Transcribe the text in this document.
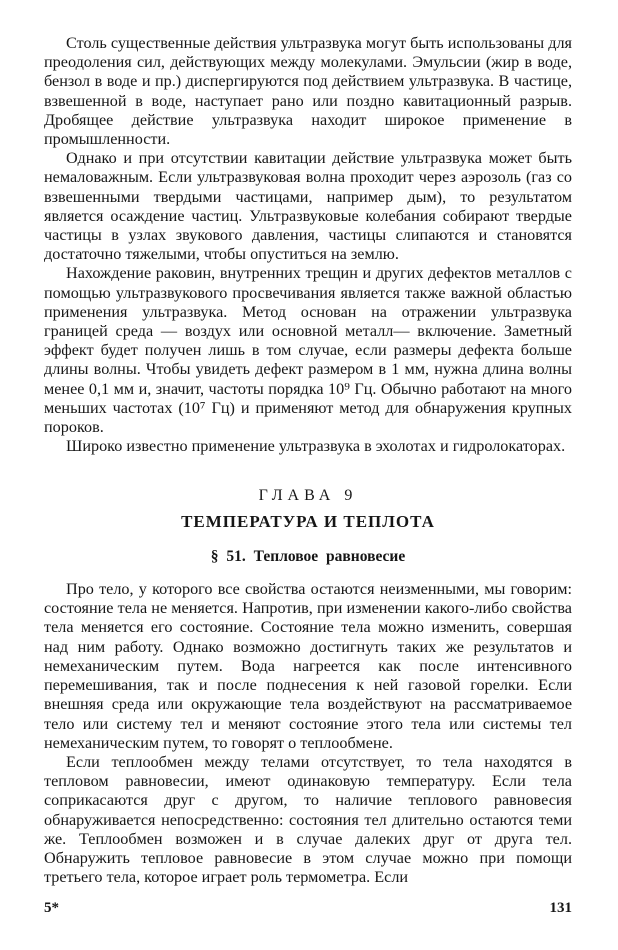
Столь существенные действия ультразвука могут быть использованы для преодоления сил, действующих между молекулами. Эмульсии (жир в воде, бензол в воде и пр.) диспергируются под действием ультразвука. В частице, взвешенной в воде, наступает рано или поздно кавитационный разрыв. Дробящее действие ультразвука находит широкое применение в промышленности.

Однако и при отсутствии кавитации действие ультразвука может быть немаловажным. Если ультразвуковая волна проходит через аэрозоль (газ со взвешенными твердыми частицами, например дым), то результатом является осаждение частиц. Ультразвуковые колебания собирают твердые частицы в узлах звукового давления, частицы слипаются и становятся достаточно тяжелыми, чтобы опуститься на землю.

Нахождение раковин, внутренних трещин и других дефектов металлов с помощью ультразвукового просвечивания является также важной областью применения ультразвука. Метод основан на отражении ультразвука границей среда — воздух или основной металл— включение. Заметный эффект будет получен лишь в том случае, если размеры дефекта больше длины волны. Чтобы увидеть дефект размером в 1 мм, нужна длина волны менее 0,1 мм и, значит, частоты порядка 10⁹ Гц. Обычно работают на много меньших частотах (10⁷ Гц) и применяют метод для обнаружения крупных пороков.

Широко известно применение ультразвука в эхолотах и гидролокаторах.

ГЛАВА 9

ТЕМПЕРАТУРА И ТЕПЛОТА

§ 51. Тепловое равновесие

Про тело, у которого все свойства остаются неизменными, мы говорим: состояние тела не меняется. Напротив, при изменении какого-либо свойства тела меняется его состояние. Состояние тела можно изменить, совершая над ним работу. Однако возможно достигнуть таких же результатов и немеханическим путем. Вода нагреется как после интенсивного перемешивания, так и после поднесения к ней газовой горелки. Если внешняя среда или окружающие тела воздействуют на рассматриваемое тело или систему тел и меняют состояние этого тела или системы тел немеханическим путем, то говорят о теплообмене.

Если теплообмен между телами отсутствует, то тела находятся в тепловом равновесии, имеют одинаковую температуру. Если тела соприкасаются друг с другом, то наличие теплового равновесия обнаруживается непосредственно: состояния тел длительно остаются теми же. Теплообмен возможен и в случае далеких друг от друга тел. Обнаружить тепловое равновесие в этом случае можно при помощи третьего тела, которое играет роль термометра. Если

5*	131
